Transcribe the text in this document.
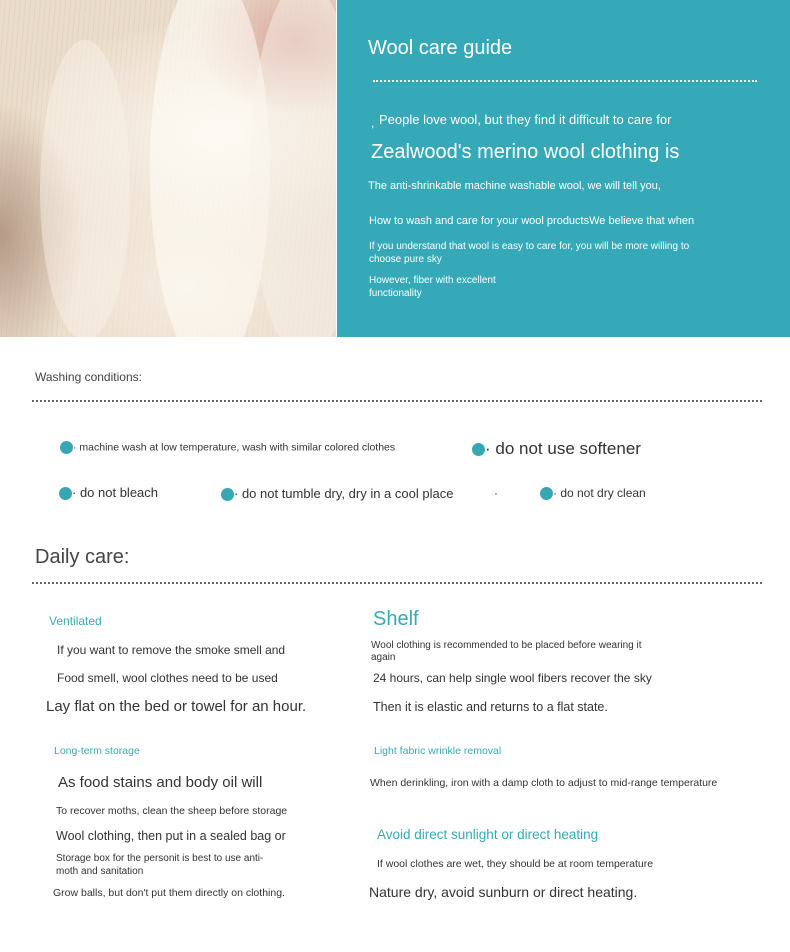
Wool care guide
, People love wool, but they find it difficult to care for
Zealwood's merino wool clothing is
The anti-shrinkable machine washable wool, we will tell you,
How to wash and care for your wool productsWe believe that when
If you understand that wool is easy to care for, you will be more willing to
choose pure sky
However, fiber with excellent
functionality
Washing conditions:
· machine wash at low temperature, wash with similar colored clothes	· do not use softener
· do not bleach	· do not tumble dry, dry in a cool place	·	· do not dry clean
Daily care:
Ventilated
If you want to remove the smoke smell and
Food smell, wool clothes need to be used
Lay flat on the bed or towel for an hour.
Shelf
Wool clothing is recommended to be placed before wearing it
again
24 hours, can help single wool fibers recover the sky
Then it is elastic and returns to a flat state.
Long-term storage
As food stains and body oil will
To recover moths, clean the sheep before storage
Wool clothing, then put in a sealed bag or
Storage box for the personit is best to use anti-
moth and sanitation
Grow balls, but don't put them directly on clothing.
Light fabric wrinkle removal
When derinkling, iron with a damp cloth to adjust to mid-range temperature
Avoid direct sunlight or direct heating
If wool clothes are wet, they should be at room temperature
Nature dry, avoid sunburn or direct heating.
